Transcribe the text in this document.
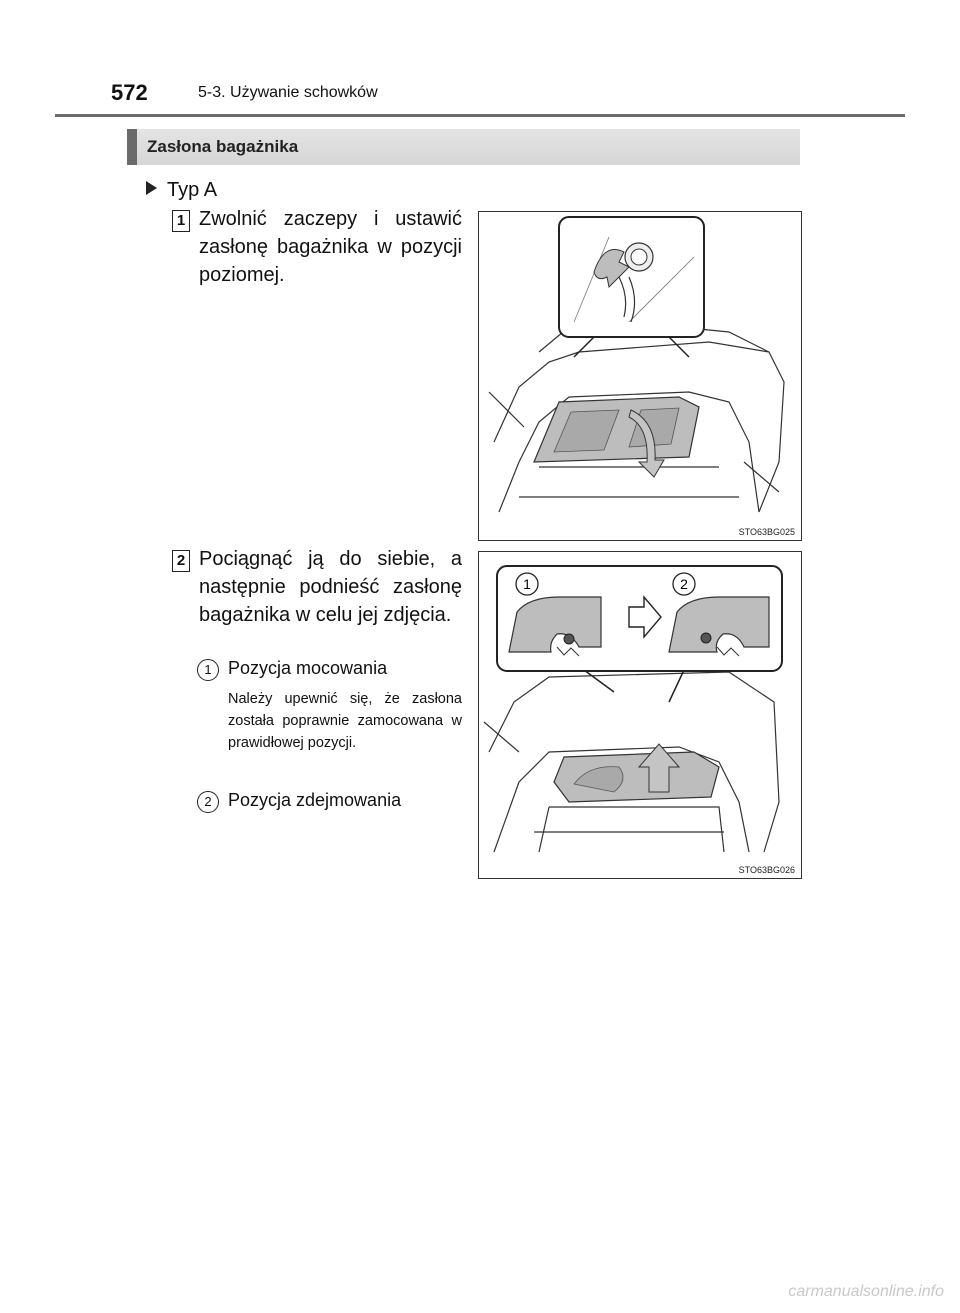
572	5-3. Używanie schowków
Zasłona bagażnika
Typ A
1 Zwolnić zaczepy i ustawić zasłonę bagażnika w pozycji poziomej.
STO63BG025
2 Pociągnąć ją do siebie, a następnie podnieść zasłonę bagażnika w celu jej zdjęcia.
1 Pozycja mocowania
Należy upewnić się, że zasłona została poprawnie zamocowana w prawidłowej pozycji.
2 Pozycja zdejmowania
1	2
STO63BG026
carmanualsonline.info
